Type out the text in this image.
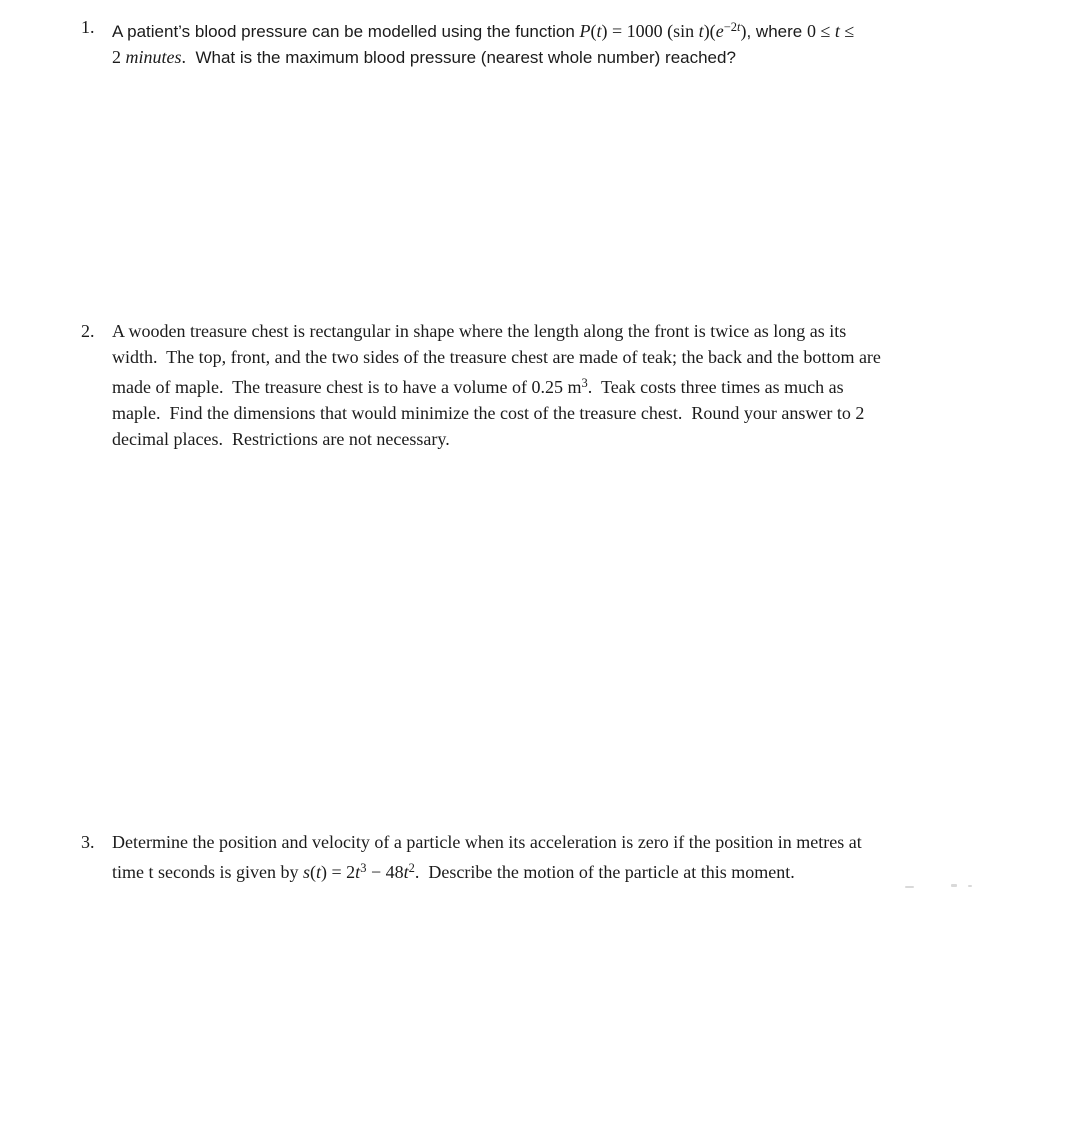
1.	A patient’s blood pressure can be modelled using the function P(t) = 1000 (sin $t)(e^{-2t})$, where 0 ≤ t ≤
2 minutes.  What is the maximum blood pressure (nearest whole number) reached?
2. A wooden treasure chest is rectangular in shape where the length along the front is twice as long as its
width.  The top, front, and the two sides of the treasure chest are made of teak; the back and the bottom are
made of maple.  The treasure chest is to have a volume of 0.25 $m^3$.  Teak costs three times as much as
maple.  Find the dimensions that would minimize the cost of the treasure chest.  Round your answer to 2
decimal places.  Restrictions are not necessary.
3. Determine the position and velocity of a particle when its acceleration is zero if the position in metres at
time t seconds is given by $s(t) = 2t^3 - 48t^2$.  Describe the motion of the particle at this moment.
